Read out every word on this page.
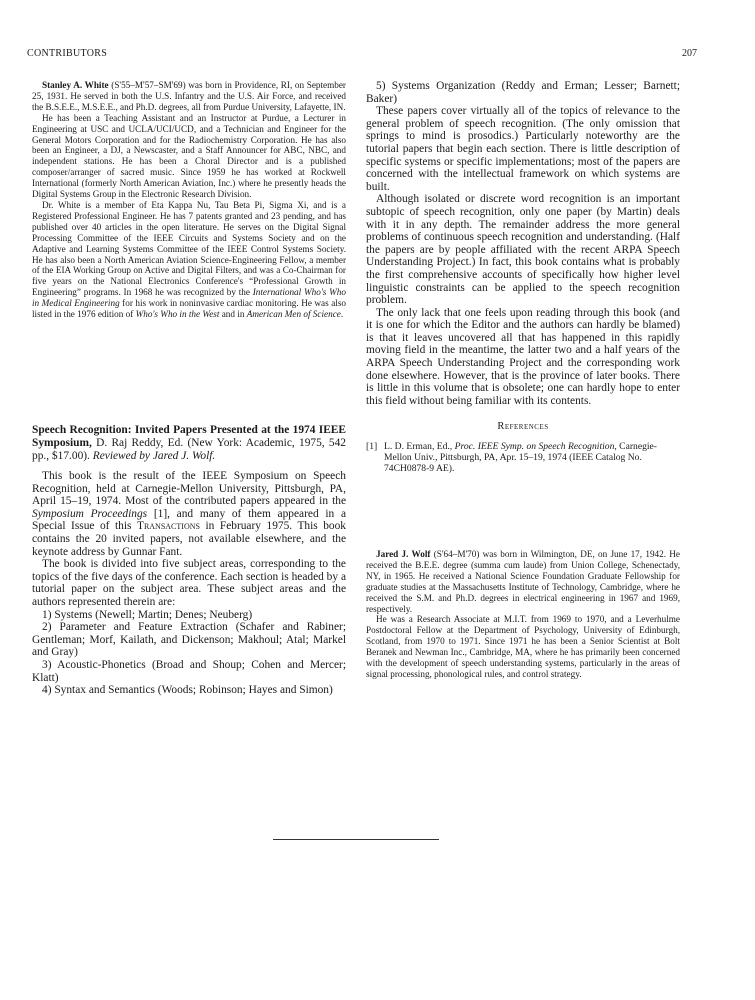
CONTRIBUTORS	207

Stanley A. White (S'55–M'57–SM'69) was born in Providence, RI, on September 25, 1931. He served in both the U.S. Infantry and the U.S. Air Force, and received the B.S.E.E., M.S.E.E., and Ph.D. degrees, all from Purdue University, Lafayette, IN.

He has been a Teaching Assistant and an Instructor at Purdue, a Lecturer in Engineering at USC and UCLA/UCI/UCD, and a Technician and Engineer for the General Motors Corporation and for the Radiochemistry Corporation. He has also been an Engineer, a DJ, a Newscaster, and a Staff Announcer for ABC, NBC, and independent stations. He has been a Choral Director and is a published composer/arranger of sacred music. Since 1959 he has worked at Rockwell International (formerly North American Aviation, Inc.) where he presently heads the Digital Systems Group in the Electronic Research Division.

Dr. White is a member of Eta Kappa Nu, Tau Beta Pi, Sigma Xi, and is a Registered Professional Engineer. He has 7 patents granted and 23 pending, and has published over 40 articles in the open literature. He serves on the Digital Signal Processing Committee of the IEEE Circuits and Systems Society and on the Adaptive and Learning Systems Committee of the IEEE Control Systems Society. He has also been a North American Aviation Science-Engineering Fellow, a member of the EIA Working Group on Active and Digital Filters, and was a Co-Chairman for five years on the National Electronics Conference's “Professional Growth in Engineering” programs. In 1968 he was recognized by the International Who's Who in Medical Engineering for his work in noninvasive cardiac monitoring. He was also listed in the 1976 edition of Who's Who in the West and in American Men of Science.

Speech Recognition: Invited Papers Presented at the 1974 IEEE Symposium, D. Raj Reddy, Ed. (New York: Academic, 1975, 542 pp., $17.00). Reviewed by Jared J. Wolf.

This book is the result of the IEEE Symposium on Speech Recognition, held at Carnegie-Mellon University, Pittsburgh, PA, April 15–19, 1974. Most of the contributed papers appeared in the Symposium Proceedings [1], and many of them appeared in a Special Issue of this Transactions in February 1975. This book contains the 20 invited papers, not available elsewhere, and the keynote address by Gunnar Fant.

The book is divided into five subject areas, corresponding to the topics of the five days of the conference. Each section is headed by a tutorial paper on the subject area. These subject areas and the authors represented therein are:

1) Systems (Newell; Martin; Denes; Neuberg)

2) Parameter and Feature Extraction (Schafer and Rabiner; Gentleman; Morf, Kailath, and Dickenson; Makhoul; Atal; Markel and Gray)

3) Acoustic-Phonetics (Broad and Shoup; Cohen and Mercer; Klatt)

4) Syntax and Semantics (Woods; Robinson; Hayes and Simon)

5) Systems Organization (Reddy and Erman; Lesser; Barnett; Baker)

These papers cover virtually all of the topics of relevance to the general problem of speech recognition. (The only omission that springs to mind is prosodics.) Particularly noteworthy are the tutorial papers that begin each section. There is little description of specific systems or specific implementations; most of the papers are concerned with the intellectual framework on which systems are built.

Although isolated or discrete word recognition is an important subtopic of speech recognition, only one paper (by Martin) deals with it in any depth. The remainder address the more general problems of continuous speech recognition and understanding. (Half the papers are by people affiliated with the recent ARPA Speech Understanding Project.) In fact, this book contains what is probably the first comprehensive accounts of specifically how higher level linguistic constraints can be applied to the speech recognition problem.

The only lack that one feels upon reading through this book (and it is one for which the Editor and the authors can hardly be blamed) is that it leaves uncovered all that has happened in this rapidly moving field in the meantime, the latter two and a half years of the ARPA Speech Understanding Project and the corresponding work done elsewhere. However, that is the province of later books. There is little in this volume that is obsolete; one can hardly hope to enter this field without being familiar with its contents.

References
[1] L. D. Erman, Ed., Proc. IEEE Symp. on Speech Recognition, Carnegie-Mellon Univ., Pittsburgh, PA, Apr. 15–19, 1974 (IEEE Catalog No. 74CH0878-9 AE).

Jared J. Wolf (S'64–M'70) was born in Wilmington, DE, on June 17, 1942. He received the B.E.E. degree (summa cum laude) from Union College, Schenectady, NY, in 1965. He received a National Science Foundation Graduate Fellowship for graduate studies at the Massachusetts Institute of Technology, Cambridge, where he received the S.M. and Ph.D. degrees in electrical engineering in 1967 and 1969, respectively.

He was a Research Associate at M.I.T. from 1969 to 1970, and a Leverhulme Postdoctoral Fellow at the Department of Psychology, University of Edinburgh, Scotland, from 1970 to 1971. Since 1971 he has been a Senior Scientist at Bolt Beranek and Newman Inc., Cambridge, MA, where he has primarily been concerned with the development of speech understanding systems, particularly in the areas of signal processing, phonological rules, and control strategy.
